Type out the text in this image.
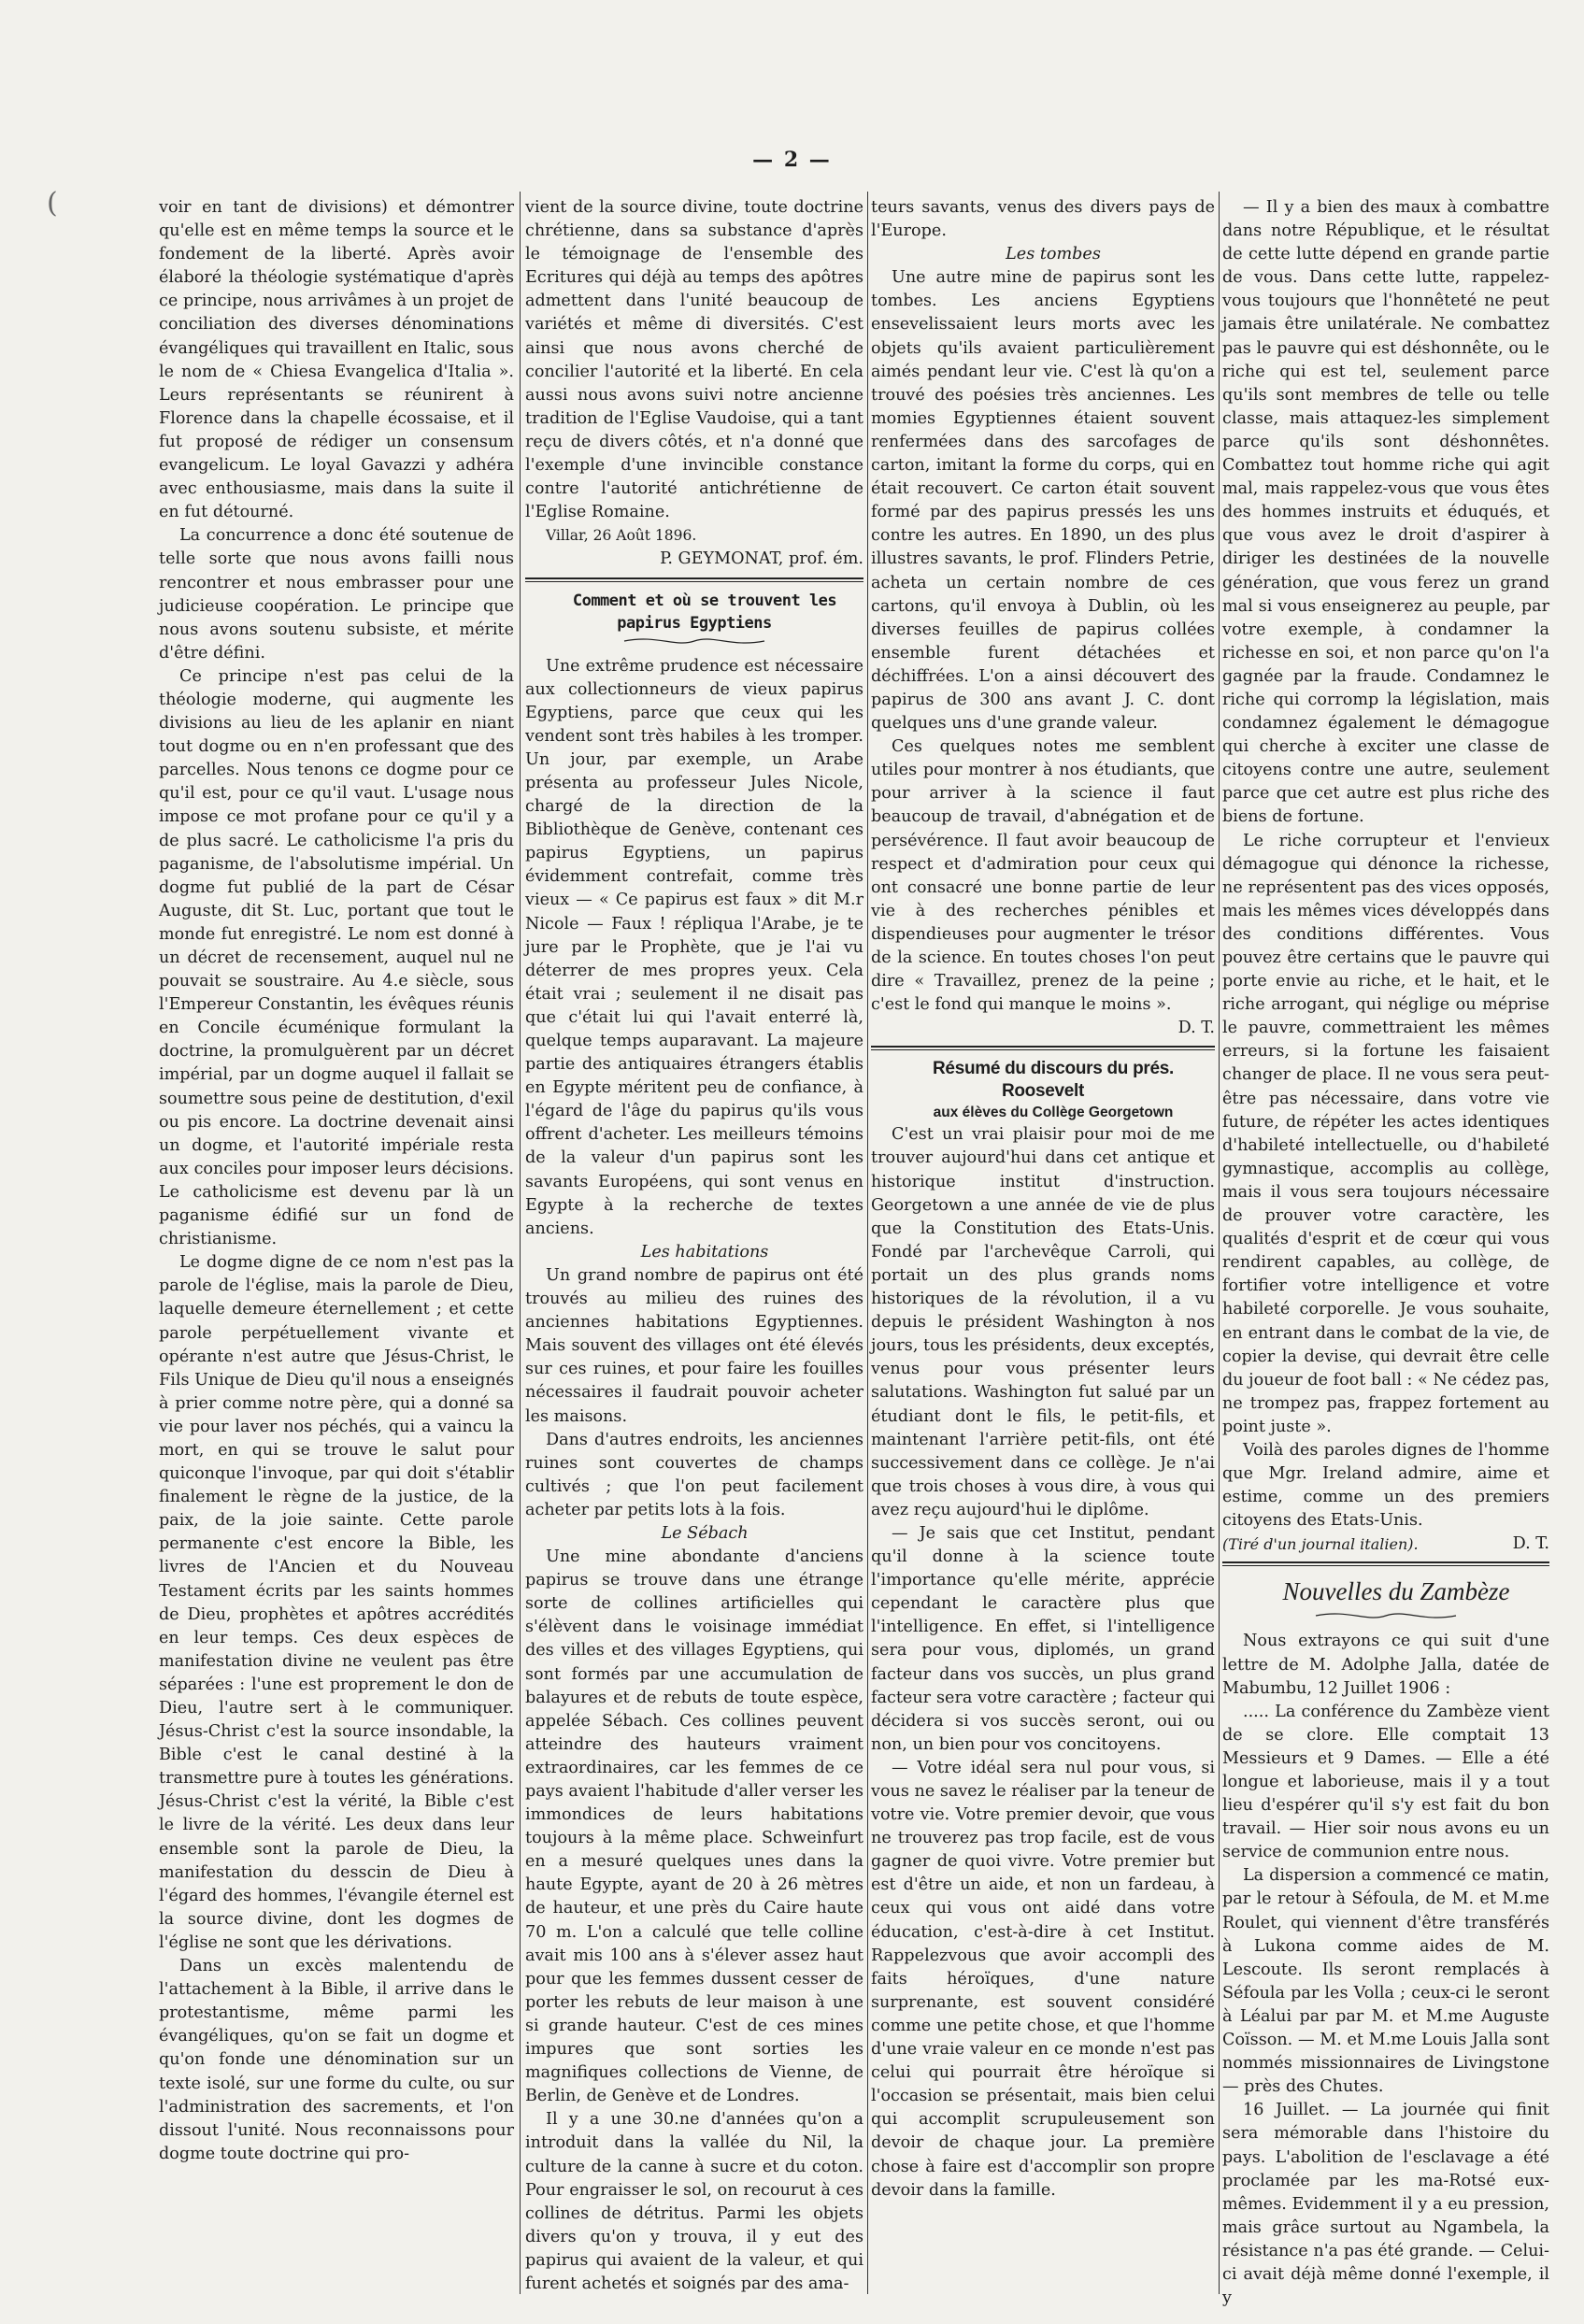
(
— 2 —

voir en tant de divisions) et démontrer qu'elle est en même temps la source et le fondement de la liberté. Après avoir élaboré la théologie systématique d'après ce principe, nous arrivâmes à un projet de conciliation des diverses dénominations évangéliques qui travaillent en Italic, sous le nom de « Chiesa Evangelica d'Italia ». Leurs représentants se réunirent à Florence dans la chapelle écossaise, et il fut proposé de rédiger un consensum evangelicum. Le loyal Gavazzi y adhéra avec enthousiasme, mais dans la suite il en fut détourné.

La concurrence a donc été soutenue de telle sorte que nous avons failli nous rencontrer et nous embrasser pour une judicieuse coopération. Le principe que nous avons soutenu subsiste, et mérite d'être défini.

Ce principe n'est pas celui de la théologie moderne, qui augmente les divisions au lieu de les aplanir en niant tout dogme ou en n'en professant que des parcelles. Nous tenons ce dogme pour ce qu'il est, pour ce qu'il vaut. L'usage nous impose ce mot profane pour ce qu'il y a de plus sacré. Le catholicisme l'a pris du paganisme, de l'absolutisme impérial. Un dogme fut publié de la part de César Auguste, dit St. Luc, portant que tout le monde fut enregistré. Le nom est donné à un décret de recensement, auquel nul ne pouvait se soustraire. Au 4.e siècle, sous l'Empereur Constantin, les évêques réunis en Concile écuménique formulant la doctrine, la promulguèrent par un décret impérial, par un dogme auquel il fallait se soumettre sous peine de destitution, d'exil ou pis encore. La doctrine devenait ainsi un dogme, et l'autorité impériale resta aux conciles pour imposer leurs décisions. Le catholicisme est devenu par là un paganisme édifié sur un fond de christianisme.

Le dogme digne de ce nom n'est pas la parole de l'église, mais la parole de Dieu, laquelle demeure éternellement ; et cette parole perpétuellement vivante et opérante n'est autre que Jésus-Christ, le Fils Unique de Dieu qu'il nous a enseignés à prier comme notre père, qui a donné sa vie pour laver nos péchés, qui a vaincu la mort, en qui se trouve le salut pour quiconque l'invoque, par qui doit s'établir finalement le règne de la justice, de la paix, de la joie sainte. Cette parole permanente c'est encore la Bible, les livres de l'Ancien et du Nouveau Testament écrits par les saints hommes de Dieu, prophètes et apôtres accrédités en leur temps. Ces deux espèces de manifestation divine ne veulent pas être séparées : l'une est proprement le don de Dieu, l'autre sert à le communiquer. Jésus-Christ c'est la source insondable, la Bible c'est le canal destiné à la transmettre pure à toutes les générations. Jésus-Christ c'est la vérité, la Bible c'est le livre de la vérité. Les deux dans leur ensemble sont la parole de Dieu, la manifestation du desscin de Dieu à l'égard des hommes, l'évangile éternel est la source divine, dont les dogmes de l'église ne sont que les dérivations.

Dans un excès malentendu de l'attachement à la Bible, il arrive dans le protestantisme, même parmi les évangéliques, qu'on se fait un dogme et qu'on fonde une dénomination sur un texte isolé, sur une forme du culte, ou sur l'administration des sacrements, et l'on dissout l'unité. Nous reconnaissons pour dogme toute doctrine qui pro-

vient de la source divine, toute doctrine chrétienne, dans sa substance d'après le témoignage de l'ensemble des Ecritures qui déjà au temps des apôtres admettent dans l'unité beaucoup de variétés et même di diversités. C'est ainsi que nous avons cherché de concilier l'autorité et la liberté. En cela aussi nous avons suivi notre ancienne tradition de l'Eglise Vaudoise, qui a tant reçu de divers côtés, et n'a donné que l'exemple d'une invincible constance contre l'autorité antichrétienne de l'Eglise Romaine.

Villar, 26 Août 1896.

P. GEYMONAT, prof. ém.

Comment et où se trouvent les papirus Egyptiens

Une extrême prudence est nécessaire aux collectionneurs de vieux papirus Egyptiens, parce que ceux qui les vendent sont très habiles à les tromper. Un jour, par exemple, un Arabe présenta au professeur Jules Nicole, chargé de la direction de la Bibliothèque de Genève, contenant ces papirus Egyptiens, un papirus évidemment contrefait, comme très vieux — « Ce papirus est faux » dit M.r Nicole — Faux ! répliqua l'Arabe, je te jure par le Prophète, que je l'ai vu déterrer de mes propres yeux. Cela était vrai ; seulement il ne disait pas que c'était lui qui l'avait enterré là, quelque temps auparavant. La majeure partie des antiquaires étrangers établis en Egypte méritent peu de confiance, à l'égard de l'âge du papirus qu'ils vous offrent d'acheter. Les meilleurs témoins de la valeur d'un papirus sont les savants Européens, qui sont venus en Egypte à la recherche de textes anciens.

Les habitations

Un grand nombre de papirus ont été trouvés au milieu des ruines des anciennes habitations Egyptiennes. Mais souvent des villages ont été élevés sur ces ruines, et pour faire les fouilles nécessaires il faudrait pouvoir acheter les maisons.

Dans d'autres endroits, les anciennes ruines sont couvertes de champs cultivés ; que l'on peut facilement acheter par petits lots à la fois.

Le Sébach

Une mine abondante d'anciens papirus se trouve dans une étrange sorte de collines artificielles qui s'élèvent dans le voisinage immédiat des villes et des villages Egyptiens, qui sont formés par une accumulation de balayures et de rebuts de toute espèce, appelée Sébach. Ces collines peuvent atteindre des hauteurs vraiment extraordinaires, car les femmes de ce pays avaient l'habitude d'aller verser les immondices de leurs habitations toujours à la même place. Schweinfurt en a mesuré quelques unes dans la haute Egypte, ayant de 20 à 26 mètres de hauteur, et une près du Caire haute 70 m. L'on a calculé que telle colline avait mis 100 ans à s'élever assez haut pour que les femmes dussent cesser de porter les rebuts de leur maison à une si grande hauteur. C'est de ces mines impures que sont sorties les magnifiques collections de Vienne, de Berlin, de Genève et de Londres.

Il y a une 30.ne d'années qu'on a introduit dans la vallée du Nil, la culture de la canne à sucre et du coton. Pour engraisser le sol, on recourut à ces collines de détritus. Parmi les objets divers qu'on y trouva, il y eut des papirus qui avaient de la valeur, et qui furent achetés et soignés par des ama-

teurs savants, venus des divers pays de l'Europe.

Les tombes

Une autre mine de papirus sont les tombes. Les anciens Egyptiens ensevelissaient leurs morts avec les objets qu'ils avaient particulièrement aimés pendant leur vie. C'est là qu'on a trouvé des poésies très anciennes. Les momies Egyptiennes étaient souvent renfermées dans des sarcofages de carton, imitant la forme du corps, qui en était recouvert. Ce carton était souvent formé par des papirus pressés les uns contre les autres. En 1890, un des plus illustres savants, le prof. Flinders Petrie, acheta un certain nombre de ces cartons, qu'il envoya à Dublin, où les diverses feuilles de papirus collées ensemble furent détachées et déchiffrées. L'on a ainsi découvert des papirus de 300 ans avant J. C. dont quelques uns d'une grande valeur.

Ces quelques notes me semblent utiles pour montrer à nos étudiants, que pour arriver à la science il faut beaucoup de travail, d'abnégation et de persévérence. Il faut avoir beaucoup de respect et d'admiration pour ceux qui ont consacré une bonne partie de leur vie à des recherches pénibles et dispendieuses pour augmenter le trésor de la science. En toutes choses l'on peut dire « Travaillez, prenez de la peine ; c'est le fond qui manque le moins ».

D. T.

Résumé du discours du prés. Roosevelt

aux élèves du Collège Georgetown

C'est un vrai plaisir pour moi de me trouver aujourd'hui dans cet antique et historique institut d'instruction. Georgetown a une année de vie de plus que la Constitution des Etats-Unis. Fondé par l'archevêque Carroli, qui portait un des plus grands noms historiques de la révolution, il a vu depuis le président Washington à nos jours, tous les présidents, deux exceptés, venus pour vous présenter leurs salutations. Washington fut salué par un étudiant dont le fils, le petit-fils, et maintenant l'arrière petit-fils, ont été successivement dans ce collège. Je n'ai que trois choses à vous dire, à vous qui avez reçu aujourd'hui le diplôme.

— Je sais que cet Institut, pendant qu'il donne à la science toute l'importance qu'elle mérite, apprécie cependant le caractère plus que l'intelligence. En effet, si l'intelligence sera pour vous, diplomés, un grand facteur dans vos succès, un plus grand facteur sera votre caractère ; facteur qui décidera si vos succès seront, oui ou non, un bien pour vos concitoyens.

— Votre idéal sera nul pour vous, si vous ne savez le réaliser par la teneur de votre vie. Votre premier devoir, que vous ne trouverez pas trop facile, est de vous gagner de quoi vivre. Votre premier but est d'être un aide, et non un fardeau, à ceux qui vous ont aidé dans votre éducation, c'est-à-dire à cet Institut. Rappelezvous que avoir accompli des faits héroïques, d'une nature surprenante, est souvent considéré comme une petite chose, et que l'homme d'une vraie valeur en ce monde n'est pas celui qui pourrait être héroïque si l'occasion se présentait, mais bien celui qui accomplit scrupuleusement son devoir de chaque jour. La première chose à faire est d'accomplir son propre devoir dans la famille.

— Il y a bien des maux à combattre dans notre République, et le résultat de cette lutte dépend en grande partie de vous. Dans cette lutte, rappelez-vous toujours que l'honnêteté ne peut jamais être unilatérale. Ne combattez pas le pauvre qui est déshonnête, ou le riche qui est tel, seulement parce qu'ils sont membres de telle ou telle classe, mais attaquez-les simplement parce qu'ils sont déshonnêtes. Combattez tout homme riche qui agit mal, mais rappelez-vous que vous êtes des hommes instruits et éduqués, et que vous avez le droit d'aspirer à diriger les destinées de la nouvelle génération, que vous ferez un grand mal si vous enseignerez au peuple, par votre exemple, à condamner la richesse en soi, et non parce qu'on l'a gagnée par la fraude. Condamnez le riche qui corromp la législation, mais condamnez également le démagogue qui cherche à exciter une classe de citoyens contre une autre, seulement parce que cet autre est plus riche des biens de fortune.

Le riche corrupteur et l'envieux démagogue qui dénonce la richesse, ne représentent pas des vices opposés, mais les mêmes vices développés dans des conditions différentes. Vous pouvez être certains que le pauvre qui porte envie au riche, et le hait, et le riche arrogant, qui néglige ou méprise le pauvre, commettraient les mêmes erreurs, si la fortune les faisaient changer de place. Il ne vous sera peut-être pas nécessaire, dans votre vie future, de répéter les actes identiques d'habileté intellectuelle, ou d'habileté gymnastique, accomplis au collège, mais il vous sera toujours nécessaire de prouver votre caractère, les qualités d'esprit et de cœur qui vous rendirent capables, au collège, de fortifier votre intelligence et votre habileté corporelle. Je vous souhaite, en entrant dans le combat de la vie, de copier la devise, qui devrait être celle du joueur de foot ball : « Ne cédez pas, ne trompez pas, frappez fortement au point juste ».

Voilà des paroles dignes de l'homme que Mgr. Ireland admire, aime et estime, comme un des premiers citoyens des Etats-Unis.

(Tiré d'un journal italien).	D. T.

Nouvelles du Zambèze

Nous extrayons ce qui suit d'une lettre de M. Adolphe Jalla, datée de Mabumbu, 12 Juillet 1906 :

..... La conférence du Zambèze vient de se clore. Elle comptait 13 Messieurs et 9 Dames. — Elle a été longue et laborieuse, mais il y a tout lieu d'espérer qu'il s'y est fait du bon travail. — Hier soir nous avons eu un service de communion entre nous.

La dispersion a commencé ce matin, par le retour à Séfoula, de M. et M.me Roulet, qui viennent d'être transférés à Lukona comme aides de M. Lescoute. Ils seront remplacés à Séfoula par les Volla ; ceux-ci le seront à Léalui par par M. et M.me Auguste Coïsson. — M. et M.me Louis Jalla sont nommés missionnaires de Livingstone — près des Chutes.

16 Juillet. — La journée qui finit sera mémorable dans l'histoire du pays. L'abolition de l'esclavage a été proclamée par les ma-Rotsé eux-mêmes. Evidemment il y a eu pression, mais grâce surtout au Ngambela, la résistance n'a pas été grande. — Celui-ci avait déjà même donné l'exemple, il y
